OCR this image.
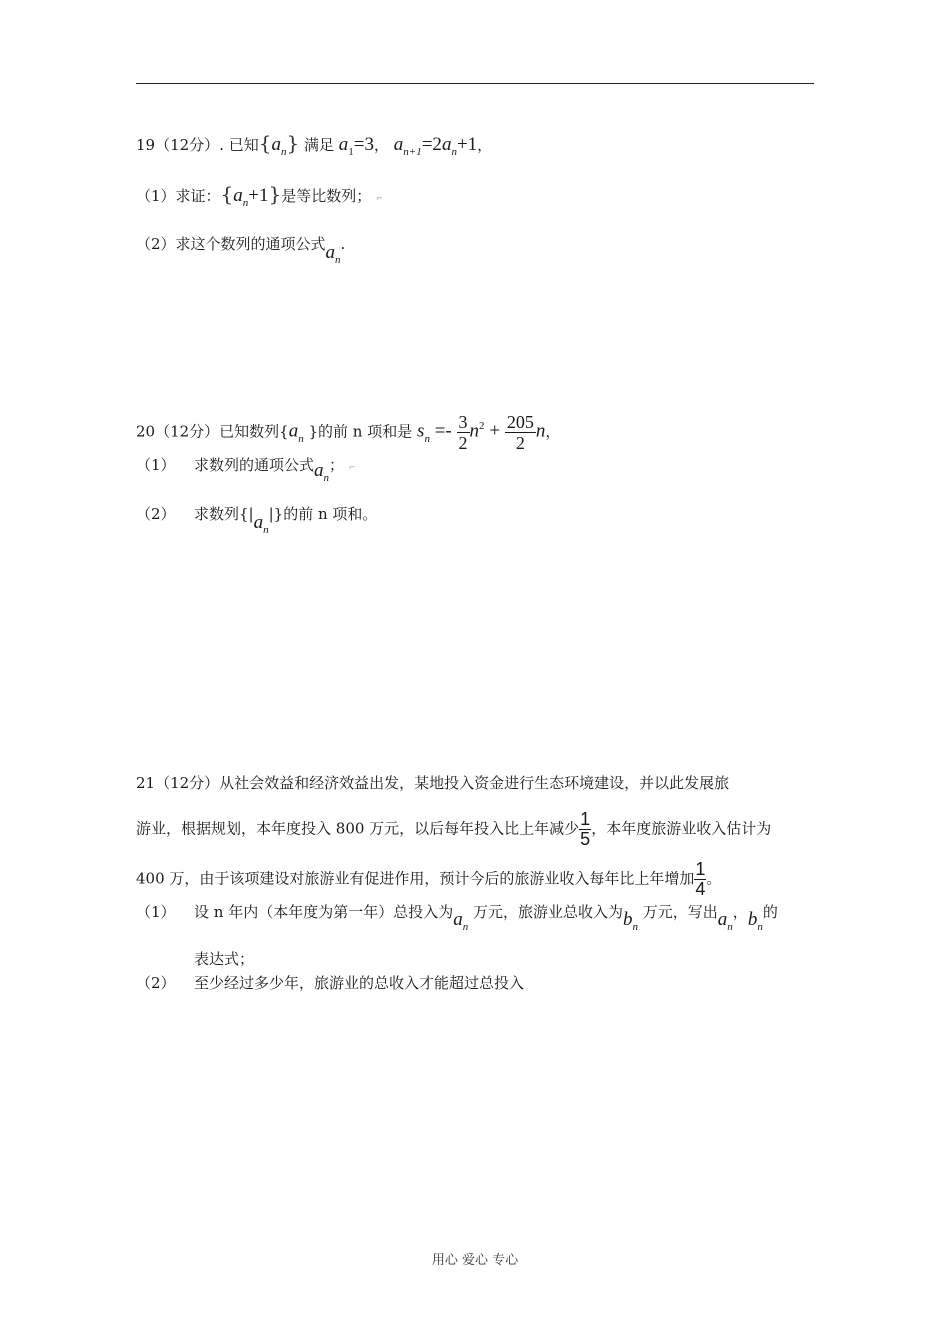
19（12分）. 已知$\{a_n\}$ 满足 $a_1=3$， $a_{n+1}=2a_n+1$，
（1）求证：$\{a_n+1\}$是等比数列； ⌐
（2）求这个数列的通项公式$a_n$.
20（12分）已知数列{$a_n$ }的前 n 项和是 $s_n =- \frac{3}{2} n^2 + \frac{205}{2}$ n，
（1） 求数列的通项公式$a_n$； ⌐
（2） 求数列$\{|a_n|\}$的前 n 项和。
21（12分）从社会效益和经济效益出发，某地投入资金进行生态环境建设，并以此发展旅
游业，根据规划，本年度投入 800 万元，以后每年投入比上年减少 $\frac{1}{5}$ ，本年度旅游业收入估计为
400 万，由于该项建设对旅游业有促进作用，预计今后的旅游业收入每年比上年增加 $\frac{1}{4}$ 。
（1） 设 n 年内（本年度为第一年）总投入为$a_n$ 万元，旅游业总收入为$b_n$ 万元，写出$a_n$，$b_n$的
表达式；
（2） 至少经过多少年，旅游业的总收入才能超过总投入
用心 爱心 专心
